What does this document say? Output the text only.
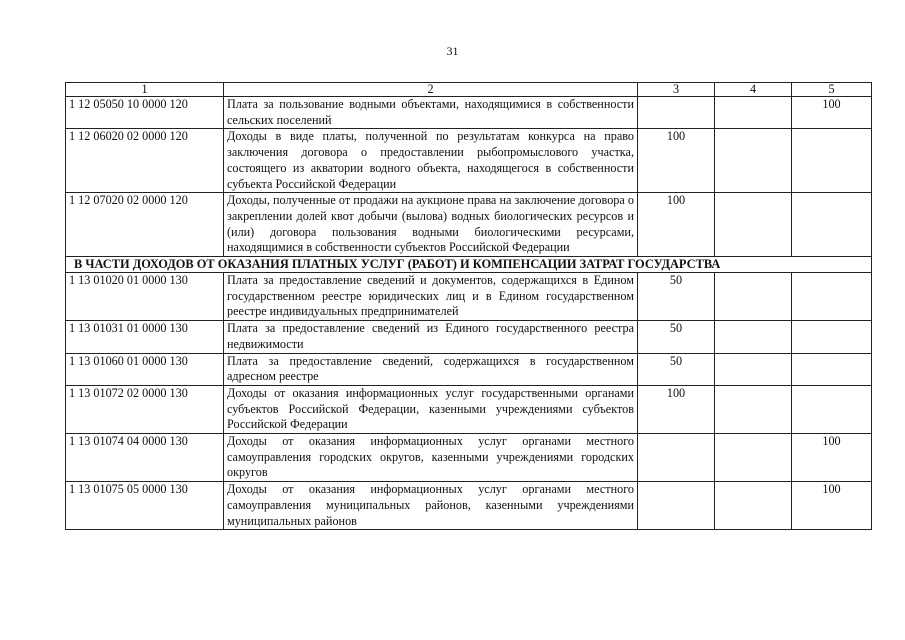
31
1	2	3	4	5
1 12 05050 10 0000 120	Плата за пользование водными объектами, находящимися в собственности сельских поселений			100
1 12 06020 02 0000 120	Доходы в виде платы, полученной по результатам конкурса на право заключения договора о предоставлении рыбопромыслового участка, состоящего из акватории водного объекта, находящегося в собственности субъекта Российской Федерации	100		
1 12 07020 02 0000 120	Доходы, полученные от продажи на аукционе права на заключение договора о закреплении долей квот добычи (вылова) водных биологических ресурсов и (или) договора пользования водными биологическими ресурсами, находящимися в собственности субъектов Российской Федерации	100		
В ЧАСТИ ДОХОДОВ ОТ ОКАЗАНИЯ ПЛАТНЫХ УСЛУГ (РАБОТ) И КОМПЕНСАЦИИ ЗАТРАТ ГОСУДАРСТВА				
1 13 01020 01 0000 130	Плата за предоставление сведений и документов, содержащихся в Едином государственном реестре юридических лиц и в Едином государственном реестре индивидуальных предпринимателей	50		
1 13 01031 01 0000 130	Плата за предоставление сведений из Единого государственного реестра недвижимости	50		
1 13 01060 01 0000 130	Плата за предоставление сведений, содержащихся в государственном адресном реестре	50		
1 13 01072 02 0000 130	Доходы от оказания информационных услуг государственными органами субъектов Российской Федерации, казенными учреждениями субъектов Российской Федерации	100		
1 13 01074 04 0000 130	Доходы от оказания информационных услуг органами местного самоуправления городских округов, казенными учреждениями городских округов			100
1 13 01075 05 0000 130	Доходы от оказания информационных услуг органами местного самоуправления муниципальных районов, казенными учреждениями муниципальных районов			100
